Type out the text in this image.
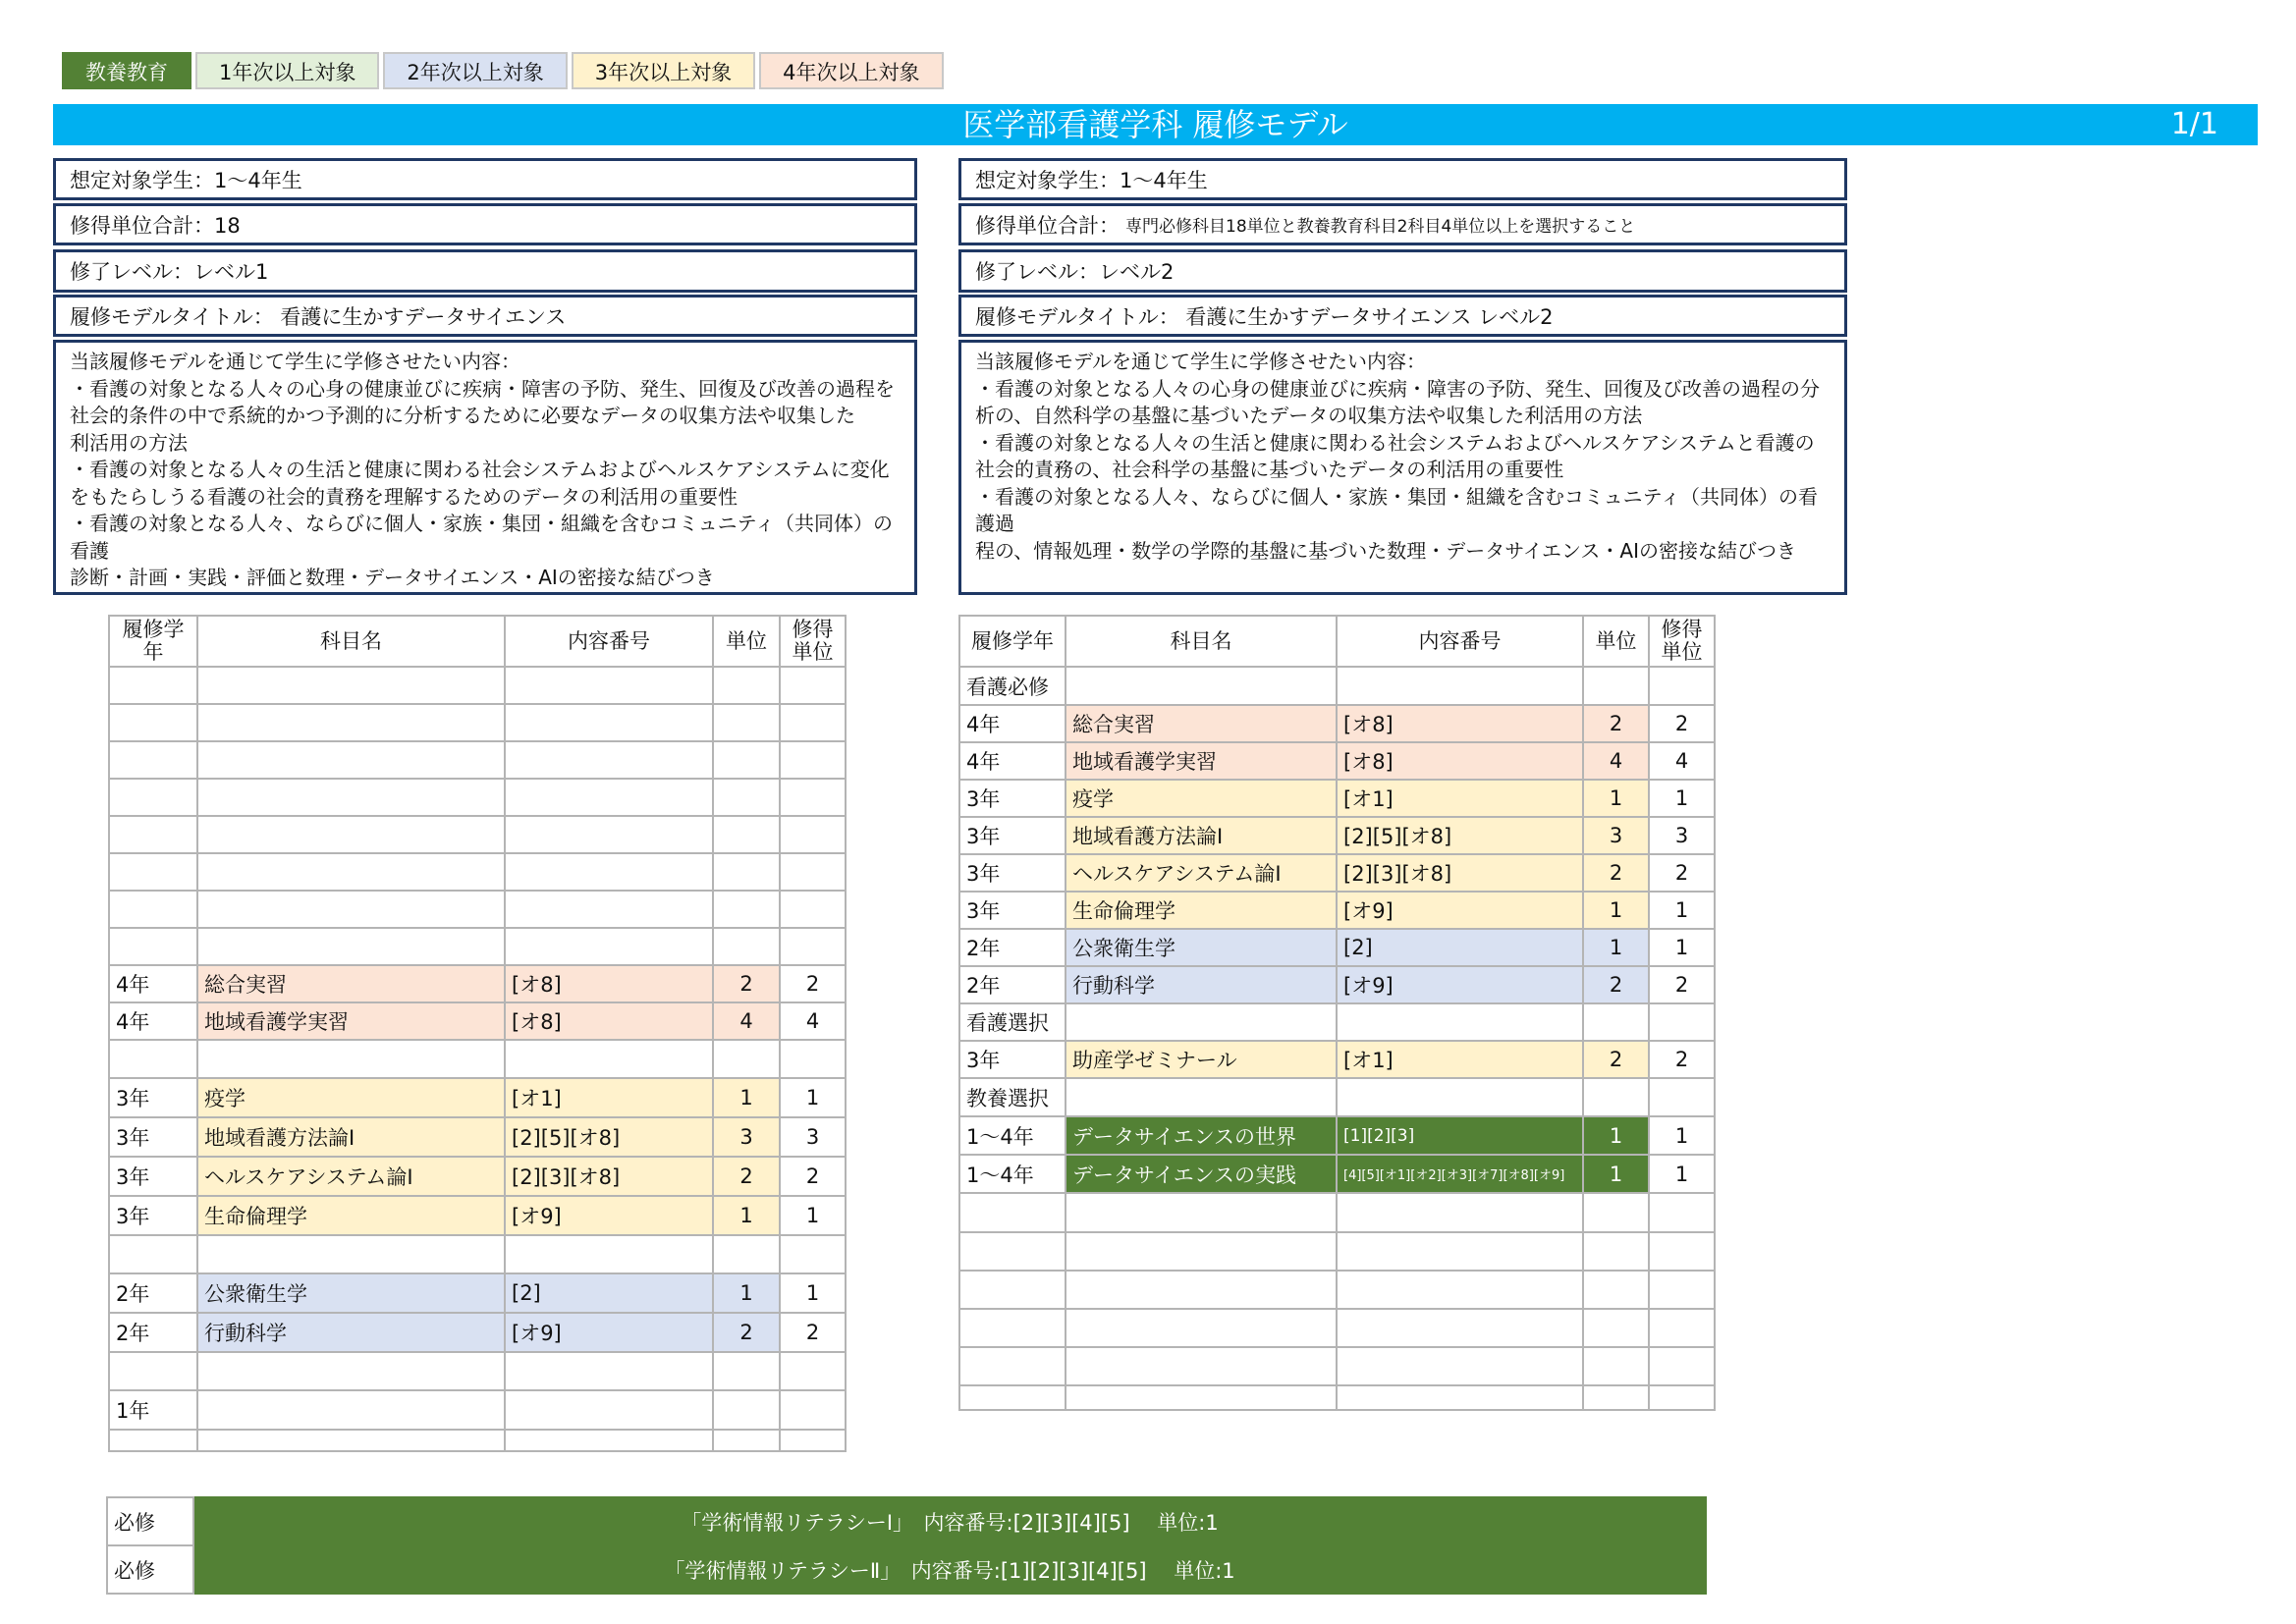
教養教育	1年次以上対象	2年次以上対象	3年次以上対象	4年次以上対象
医学部看護学科 履修モデル	1/1
想定対象学生：1～4年生
修得単位合計：18
修了レベル：レベル1
履修モデルタイトル： 看護に生かすデータサイエンス

当該履修モデルを通じて学生に学修させたい内容：

・看護の対象となる人々の心身の健康並びに疾病・障害の予防、発生、回復及び改善の過程を

社会的条件の中で系統的かつ予測的に分析するために必要なデータの収集方法や収集した

利活用の方法

・看護の対象となる人々の生活と健康に関わる社会システムおよびヘルスケアシステムに変化

をもたらしうる看護の社会的責務を理解するためのデータの利活用の重要性

・看護の対象となる人々、ならびに個人・家族・集団・組織を含むコミュニティ（共同体）の看護

診断・計画・実践・評価と数理・データサイエンス・AIの密接な結びつき

想定対象学生：1～4年生
修得単位合計： 専門必修科目18単位と教養教育科目2科目4単位以上を選択すること
修了レベル：レベル2
履修モデルタイトル： 看護に生かすデータサイエンス レベル2

当該履修モデルを通じて学生に学修させたい内容：

・看護の対象となる人々の心身の健康並びに疾病・障害の予防、発生、回復及び改善の過程の分

析の、自然科学の基盤に基づいたデータの収集方法や収集した利活用の方法

・看護の対象となる人々の生活と健康に関わる社会システムおよびヘルスケアシステムと看護の

社会的責務の、社会科学の基盤に基づいたデータの利活用の重要性

・看護の対象となる人々、ならびに個人・家族・集団・組織を含むコミュニティ（共同体）の看護過

程の、情報処理・数学の学際的基盤に基づいた数理・データサイエンス・AIの密接な結びつき

履修学年	科目名	内容番号	単位	修得単位

4年	総合実習	[オ8]	2	2
4年	地域看護学実習	[オ8]	4	4

3年	疫学	[オ1]	1	1
3年	地域看護方法論Ⅰ	[2][5][オ8]	3	3
3年	ヘルスケアシステム論Ⅰ	[2][3][オ8]	2	2
3年	生命倫理学	[オ9]	1	1

2年	公衆衛生学	[2]	1	1
2年	行動科学	[オ9]	2	2

1年				

履修学年	科目名	内容番号	単位	修得単位
看護必修				
4年	総合実習	[オ8]	2	2
4年	地域看護学実習	[オ8]	4	4
3年	疫学	[オ1]	1	1
3年	地域看護方法論Ⅰ	[2][5][オ8]	3	3
3年	ヘルスケアシステム論Ⅰ	[2][3][オ8]	2	2
3年	生命倫理学	[オ9]	1	1
2年	公衆衛生学	[2]	1	1
2年	行動科学	[オ9]	2	2
看護選択				
3年	助産学ゼミナール	[オ1]	2	2
教養選択				
1～4年	データサイエンスの世界	[1][2][3]	1	1
1～4年	データサイエンスの実践	[4][5][オ1][オ2][オ3][オ7][オ8][オ9]	1	1

必修	「学術情報リテラシーⅠ」　内容番号:[2][3][4][5]　 単位:1
必修	「学術情報リテラシーⅡ」　内容番号:[1][2][3][4][5]　 単位:1
